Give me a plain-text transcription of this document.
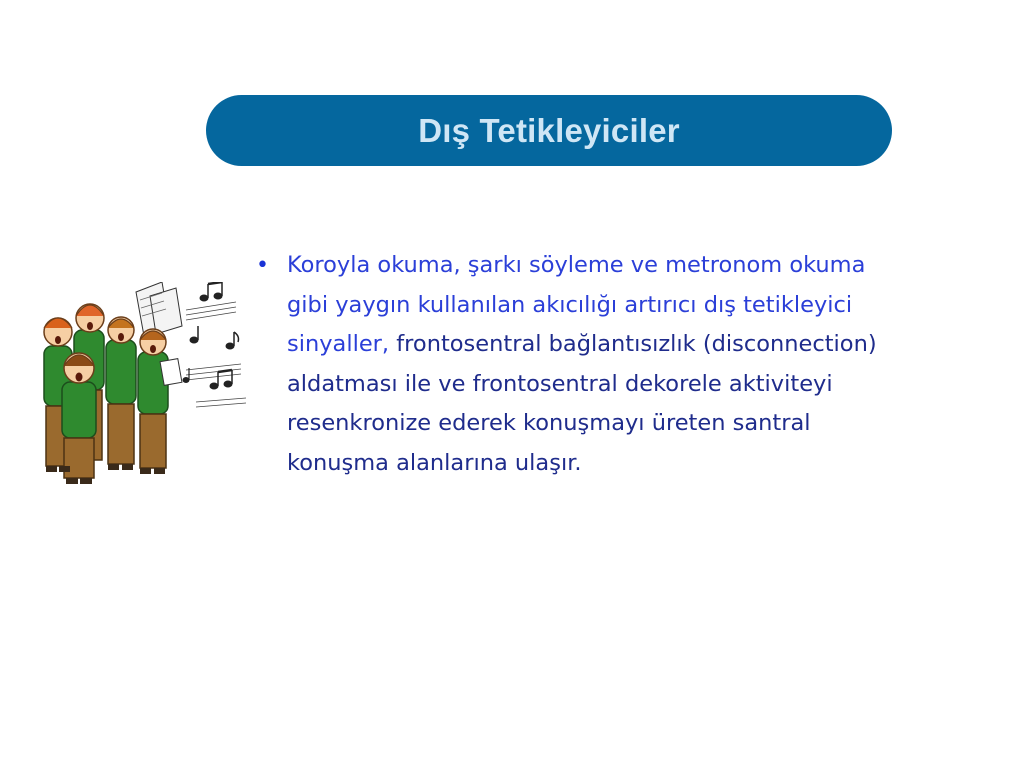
Dış Tetikleyiciler
• Koroyla okuma, şarkı söyleme ve metronom okuma gibi yaygın kullanılan akıcılığı artırıcı dış tetikleyici sinyaller, frontosentral bağlantısızlık (disconnection) aldatması ile ve frontosentral dekorele aktiviteyi resenkronize ederek konuşmayı üreten santral konuşma alanlarına ulaşır.
